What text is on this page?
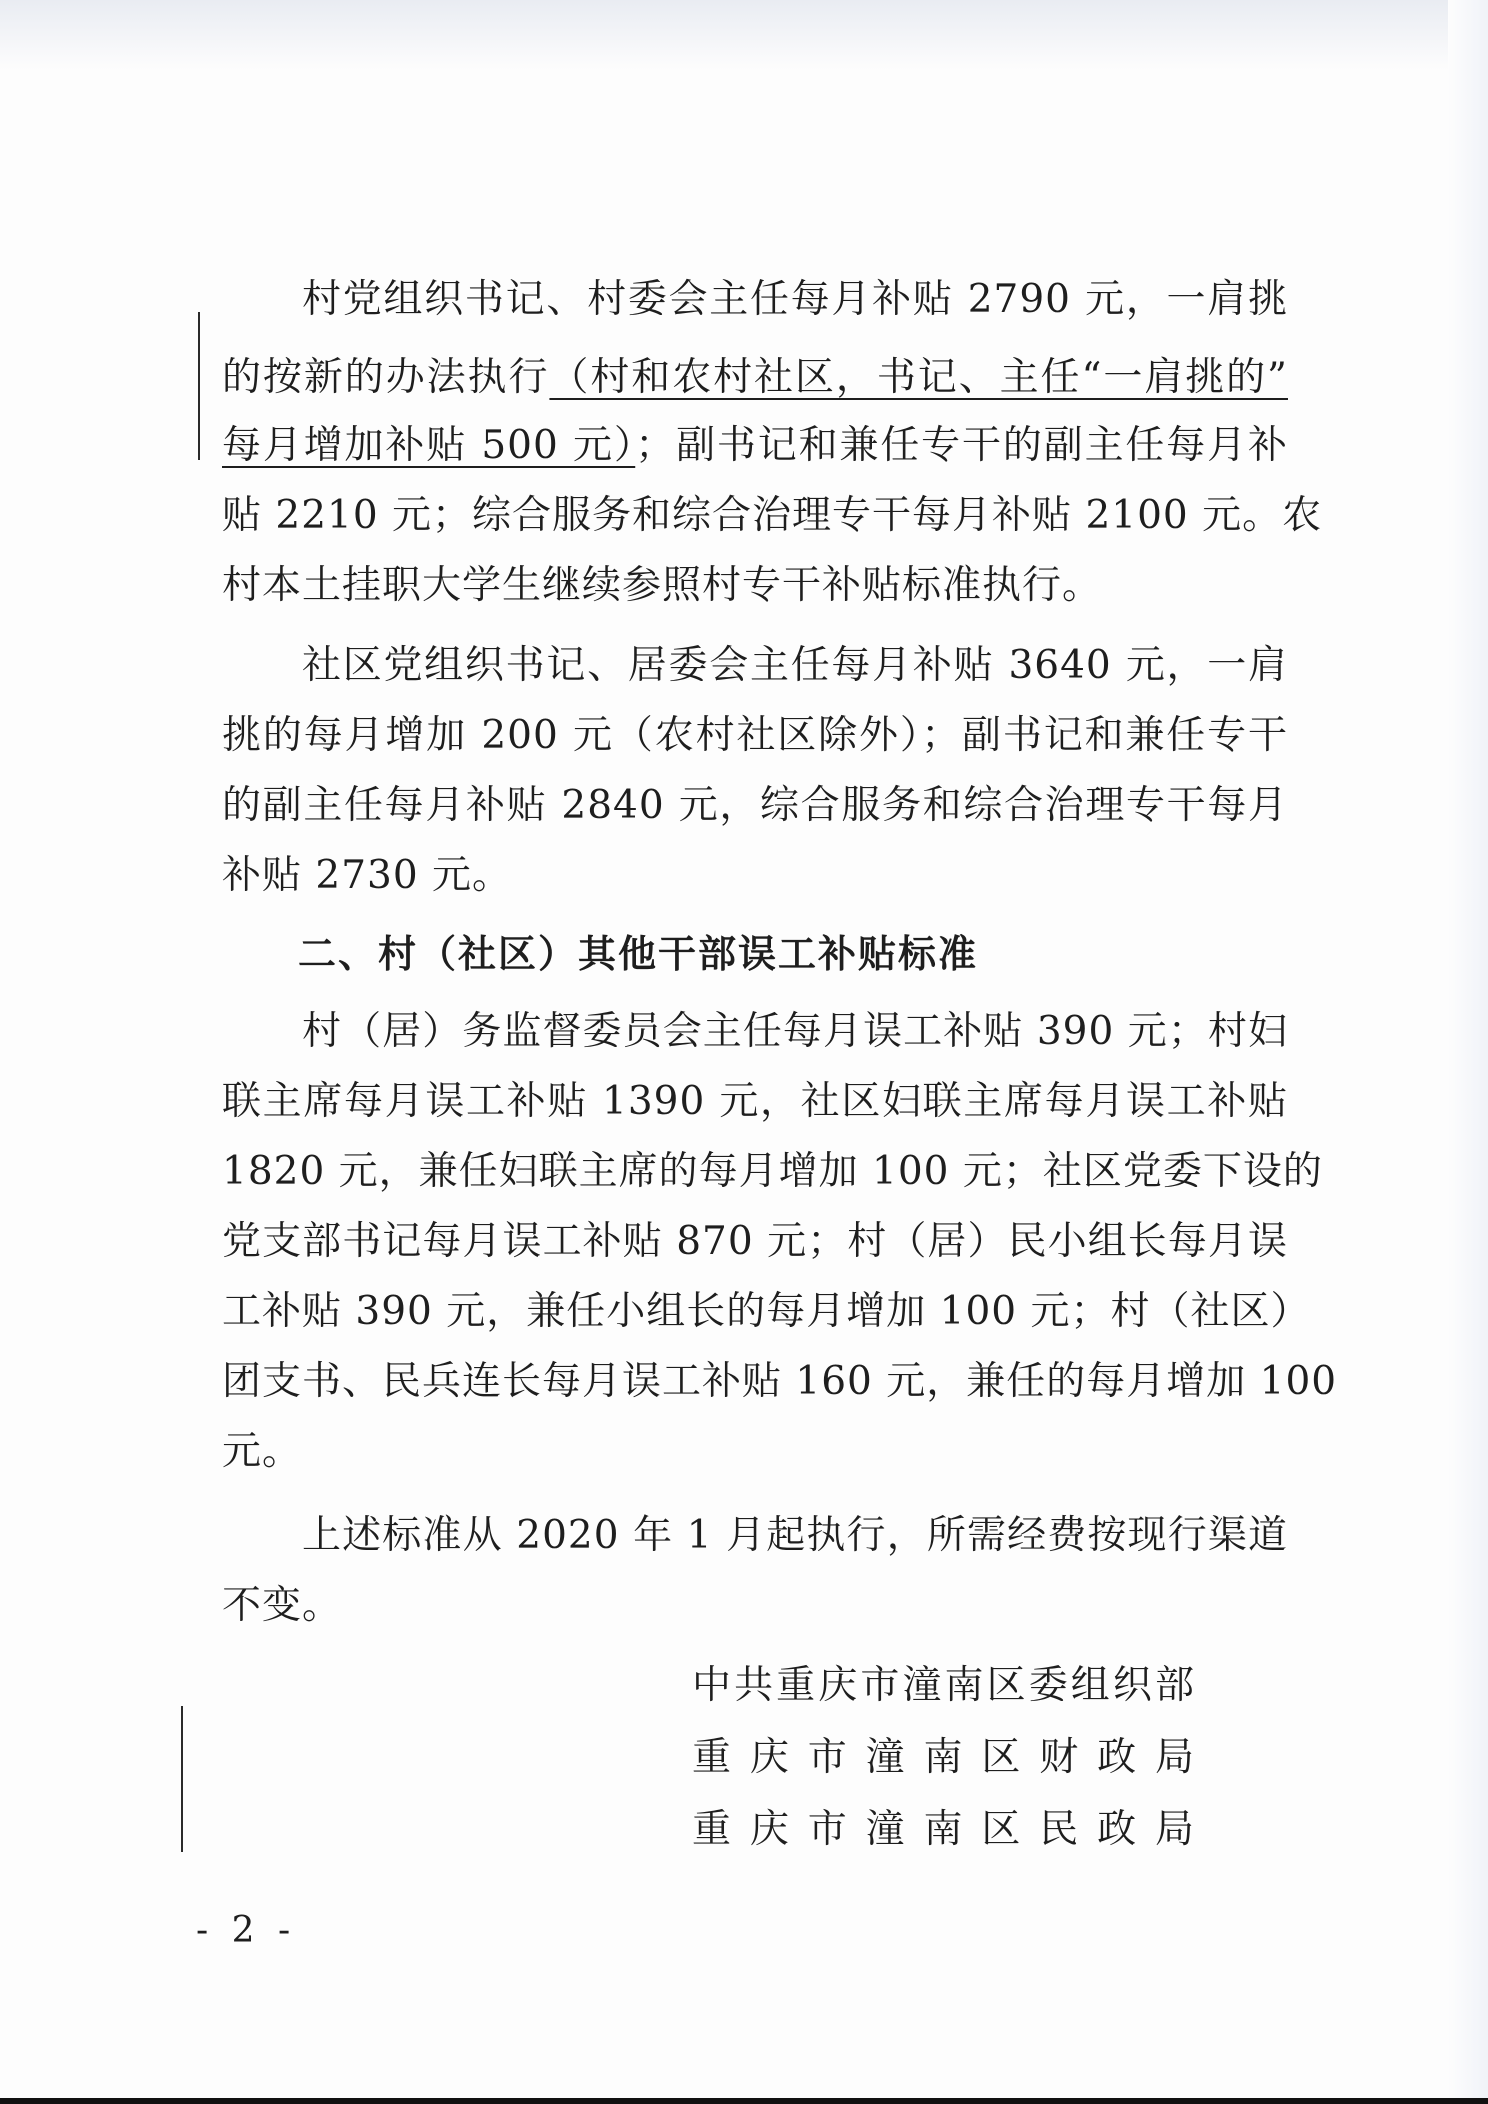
村党组织书记、村委会主任每月补贴 2790 元，一肩挑
的按新的办法执行（村和农村社区，书记、主任“一肩挑的”
每月增加补贴 500 元）；副书记和兼任专干的副主任每月补
贴 2210 元；综合服务和综合治理专干每月补贴 2100 元。农
村本土挂职大学生继续参照村专干补贴标准执行。
社区党组织书记、居委会主任每月补贴 3640 元，一肩
挑的每月增加 200 元（农村社区除外）；副书记和兼任专干
的副主任每月补贴 2840 元，综合服务和综合治理专干每月
补贴 2730 元。
二、村（社区）其他干部误工补贴标准
村（居）务监督委员会主任每月误工补贴 390 元；村妇
联主席每月误工补贴 1390 元，社区妇联主席每月误工补贴
1820 元，兼任妇联主席的每月增加 100 元；社区党委下设的
党支部书记每月误工补贴 870 元；村（居）民小组长每月误
工补贴 390 元，兼任小组长的每月增加 100 元；村（社区）
团支书、民兵连长每月误工补贴 160 元，兼任的每月增加 100
元。
上述标准从 2020 年 1 月起执行，所需经费按现行渠道
不变。
中共重庆市潼南区委组织部
重庆市潼南区财政局
重庆市潼南区民政局
- 2 -
